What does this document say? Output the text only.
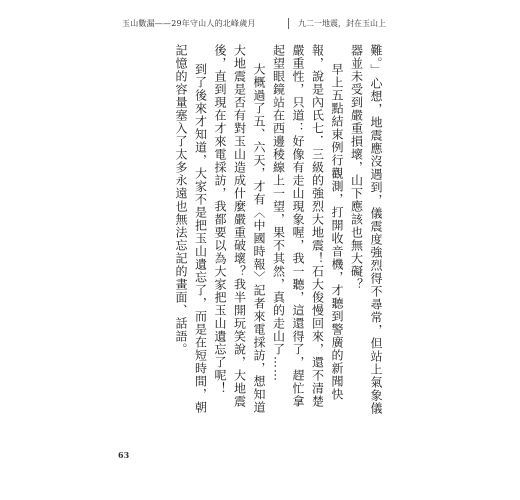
玉山數漏——29年守山人的北峰歲月	九二一地震，封在玉山上

難。」心想，地震應沒遇到，儀震度強烈得不尋常，但站上氣象儀器並未受到嚴重損壞，山下應該也無大礙？

早上五點結束例行觀測，打開收音機，才聽到警廣的新聞快報，說是內氏七．三級的強烈大地震！石大俊慢回來，還不清楚嚴重性，只道：好像有走山現象喔，我一聽，這還得了，趕忙拿起望眼鏡站在西邊稜線上一望，果不其然，真的走山了……

大概過了五、六天，才有〈中國時報〉記者來電採訪，想知道大地震是否有對玉山造成什麼嚴重破壞？我半開玩笑說，大地震後，直到現在才來電採訪，我都要以為大家把玉山遺忘了呢！

到了後來才知道，大家不是把玉山遺忘了，而是在短時間，朝記憶的容量塞入了太多永遠也無法忘記的畫面、話語。

63
